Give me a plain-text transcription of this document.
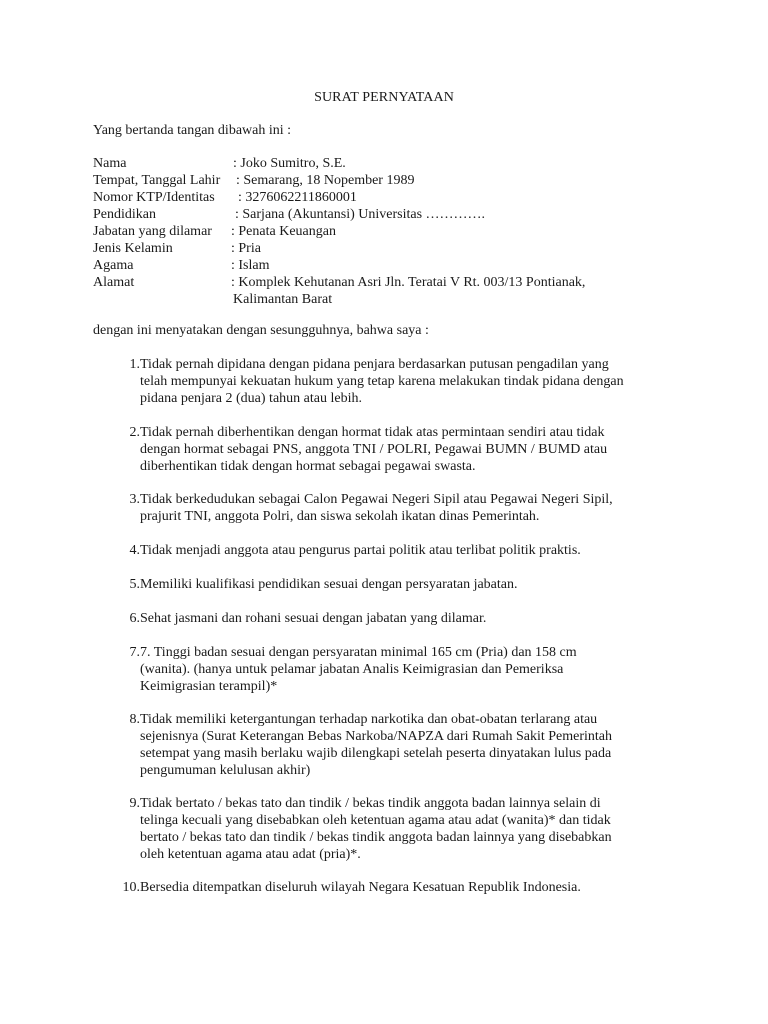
SURAT PERNYATAAN
Yang bertanda tangan dibawah ini :
Nama	: Joko Sumitro, S.E.
Tempat, Tanggal Lahir : Semarang, 18 Nopember 1989
Nomor KTP/Identitas : 3276062211860001
Pendidikan	: Sarjana (Akuntansi) Universitas ………….
Jabatan yang dilamar : Penata Keuangan
Jenis Kelamin	: Pria
Agama	: Islam
Alamat	: Komplek Kehutanan Asri Jln. Teratai V Rt. 003/13 Pontianak,
Kalimantan Barat
dengan ini menyatakan dengan sesungguhnya, bahwa saya :
1. Tidak pernah dipidana dengan pidana penjara berdasarkan putusan pengadilan yang
telah mempunyai kekuatan hukum yang tetap karena melakukan tindak pidana dengan
pidana penjara 2 (dua) tahun atau lebih.
2. Tidak pernah diberhentikan dengan hormat tidak atas permintaan sendiri atau tidak
dengan hormat sebagai PNS, anggota TNI / POLRI, Pegawai BUMN / BUMD atau
diberhentikan tidak dengan hormat sebagai pegawai swasta.
3. Tidak berkedudukan sebagai Calon Pegawai Negeri Sipil atau Pegawai Negeri Sipil,
prajurit TNI, anggota Polri, dan siswa sekolah ikatan dinas Pemerintah.
4. Tidak menjadi anggota atau pengurus partai politik atau terlibat politik praktis.
5. Memiliki kualifikasi pendidikan sesuai dengan persyaratan jabatan.
6. Sehat jasmani dan rohani sesuai dengan jabatan yang dilamar.
7. 7. Tinggi badan sesuai dengan persyaratan minimal 165 cm (Pria) dan 158 cm
(wanita). (hanya untuk pelamar jabatan Analis Keimigrasian dan Pemeriksa
Keimigrasian terampil)*
8. Tidak memiliki ketergantungan terhadap narkotika dan obat-obatan terlarang atau
sejenisnya (Surat Keterangan Bebas Narkoba/NAPZA dari Rumah Sakit Pemerintah
setempat yang masih berlaku wajib dilengkapi setelah peserta dinyatakan lulus pada
pengumuman kelulusan akhir)
9. Tidak bertato / bekas tato dan tindik / bekas tindik anggota badan lainnya selain di
telinga kecuali yang disebabkan oleh ketentuan agama atau adat (wanita)* dan tidak
bertato / bekas tato dan tindik / bekas tindik anggota badan lainnya yang disebabkan
oleh ketentuan agama atau adat (pria)*.
10. Bersedia ditempatkan diseluruh wilayah Negara Kesatuan Republik Indonesia.
